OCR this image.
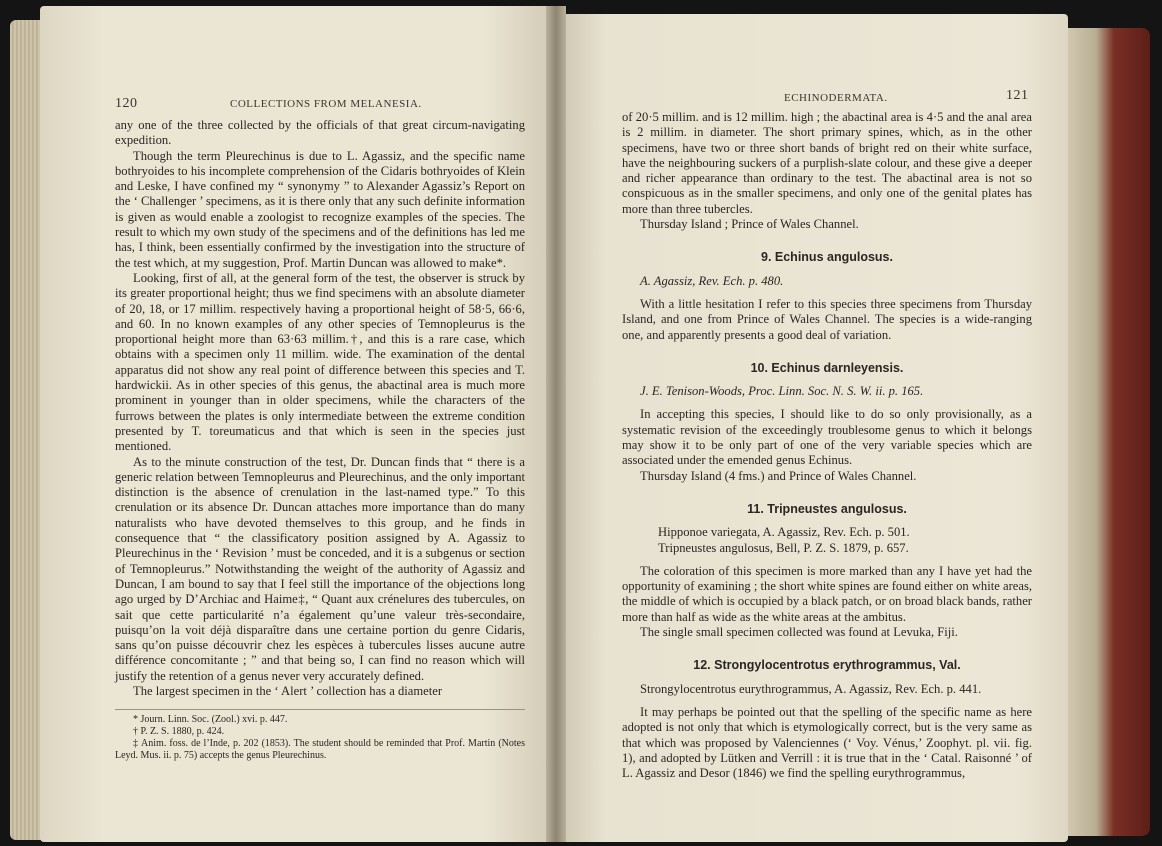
120	COLLECTIONS FROM MELANESIA.

any one of the three collected by the officials of that great circum-navigating expedition.

Though the term Pleurechinus is due to L. Agassiz, and the specific name bothryoides to his incomplete comprehension of the Cidaris bothryoides of Klein and Leske, I have confined my “ synonymy ” to Alexander Agassiz’s Report on the ‘ Challenger ’ specimens, as it is there only that any such definite information is given as would enable a zoologist to recognize examples of the species. The result to which my own study of the specimens and of the definitions has led me has, I think, been essentially confirmed by the investigation into the structure of the test which, at my suggestion, Prof. Martin Duncan was allowed to make*.

Looking, first of all, at the general form of the test, the observer is struck by its greater proportional height; thus we find specimens with an absolute diameter of 20, 18, or 17 millim. respectively having a proportional height of 58·5, 66·6, and 60. In no known examples of any other species of Temnopleurus is the proportional height more than 63·63 millim.†, and this is a rare case, which obtains with a specimen only 11 millim. wide. The examination of the dental apparatus did not show any real point of difference between this species and T. hardwickii. As in other species of this genus, the abactinal area is much more prominent in younger than in older specimens, while the characters of the furrows between the plates is only intermediate between the extreme condition presented by T. toreumaticus and that which is seen in the species just mentioned.

As to the minute construction of the test, Dr. Duncan finds that “ there is a generic relation between Temnopleurus and Pleurechinus, and the only important distinction is the absence of crenulation in the last-named type.” To this crenulation or its absence Dr. Duncan attaches more importance than do many naturalists who have devoted themselves to this group, and he finds in consequence that “ the classificatory position assigned by A. Agassiz to Pleurechinus in the ‘ Revision ’ must be conceded, and it is a subgenus or section of Temnopleurus.” Notwithstanding the weight of the authority of Agassiz and Duncan, I am bound to say that I feel still the importance of the objections long ago urged by D’Archiac and Haime‡, “ Quant aux crénelures des tubercules, on sait que cette particularité n’a également qu’une valeur très-secondaire, puisqu’on la voit déjà disparaître dans une certaine portion du genre Cidaris, sans qu’on puisse découvrir chez les espèces à tubercules lisses aucune autre différence concomitante ; ” and that being so, I can find no reason which will justify the retention of a genus never very accurately defined.

The largest specimen in the ‘ Alert ’ collection has a diameter

* Journ. Linn. Soc. (Zool.) xvi. p. 447.

† P. Z. S. 1880, p. 424.

‡ Anim. foss. de l’Inde, p. 202 (1853). The student should be reminded that Prof. Martin (Notes Leyd. Mus. ii. p. 75) accepts the genus Pleurechinus.

ECHINODERMATA.	121

of 20·5 millim. and is 12 millim. high ; the abactinal area is 4·5 and the anal area is 2 millim. in diameter. The short primary spines, which, as in the other specimens, have two or three short bands of bright red on their white surface, have the neighbouring suckers of a purplish-slate colour, and these give a deeper and richer appearance than ordinary to the test. The abactinal area is not so conspicuous as in the smaller specimens, and only one of the genital plates has more than three tubercles.

Thursday Island ; Prince of Wales Channel.

9. Echinus angulosus.
A. Agassiz, Rev. Ech. p. 480.

With a little hesitation I refer to this species three specimens from Thursday Island, and one from Prince of Wales Channel. The species is a wide-ranging one, and apparently presents a good deal of variation.

10. Echinus darnleyensis.
J. E. Tenison-Woods, Proc. Linn. Soc. N. S. W. ii. p. 165.

In accepting this species, I should like to do so only provisionally, as a systematic revision of the exceedingly troublesome genus to which it belongs may show it to be only part of one of the very variable species which are associated under the emended genus Echinus.

Thursday Island (4 fms.) and Prince of Wales Channel.

11. Tripneustes angulosus.

Hipponoe variegata, A. Agassiz, Rev. Ech. p. 501.

Tripneustes angulosus, Bell, P. Z. S. 1879, p. 657.

The coloration of this specimen is more marked than any I have yet had the opportunity of examining ; the short white spines are found either on white areas, the middle of which is occupied by a black patch, or on broad black bands, rather more than half as wide as the white areas at the ambitus.

The single small specimen collected was found at Levuka, Fiji.

12. Strongylocentrotus erythrogrammus, Val.

Strongylocentrotus eurythrogrammus, A. Agassiz, Rev. Ech. p. 441.

It may perhaps be pointed out that the spelling of the specific name as here adopted is not only that which is etymologically correct, but is the very same as that which was proposed by Valenciennes (‘ Voy. Vénus,’ Zoophyt. pl. vii. fig. 1), and adopted by Lütken and Verrill : it is true that in the ‘ Catal. Raisonné ’ of L. Agassiz and Desor (1846) we find the spelling eurythrogrammus,
